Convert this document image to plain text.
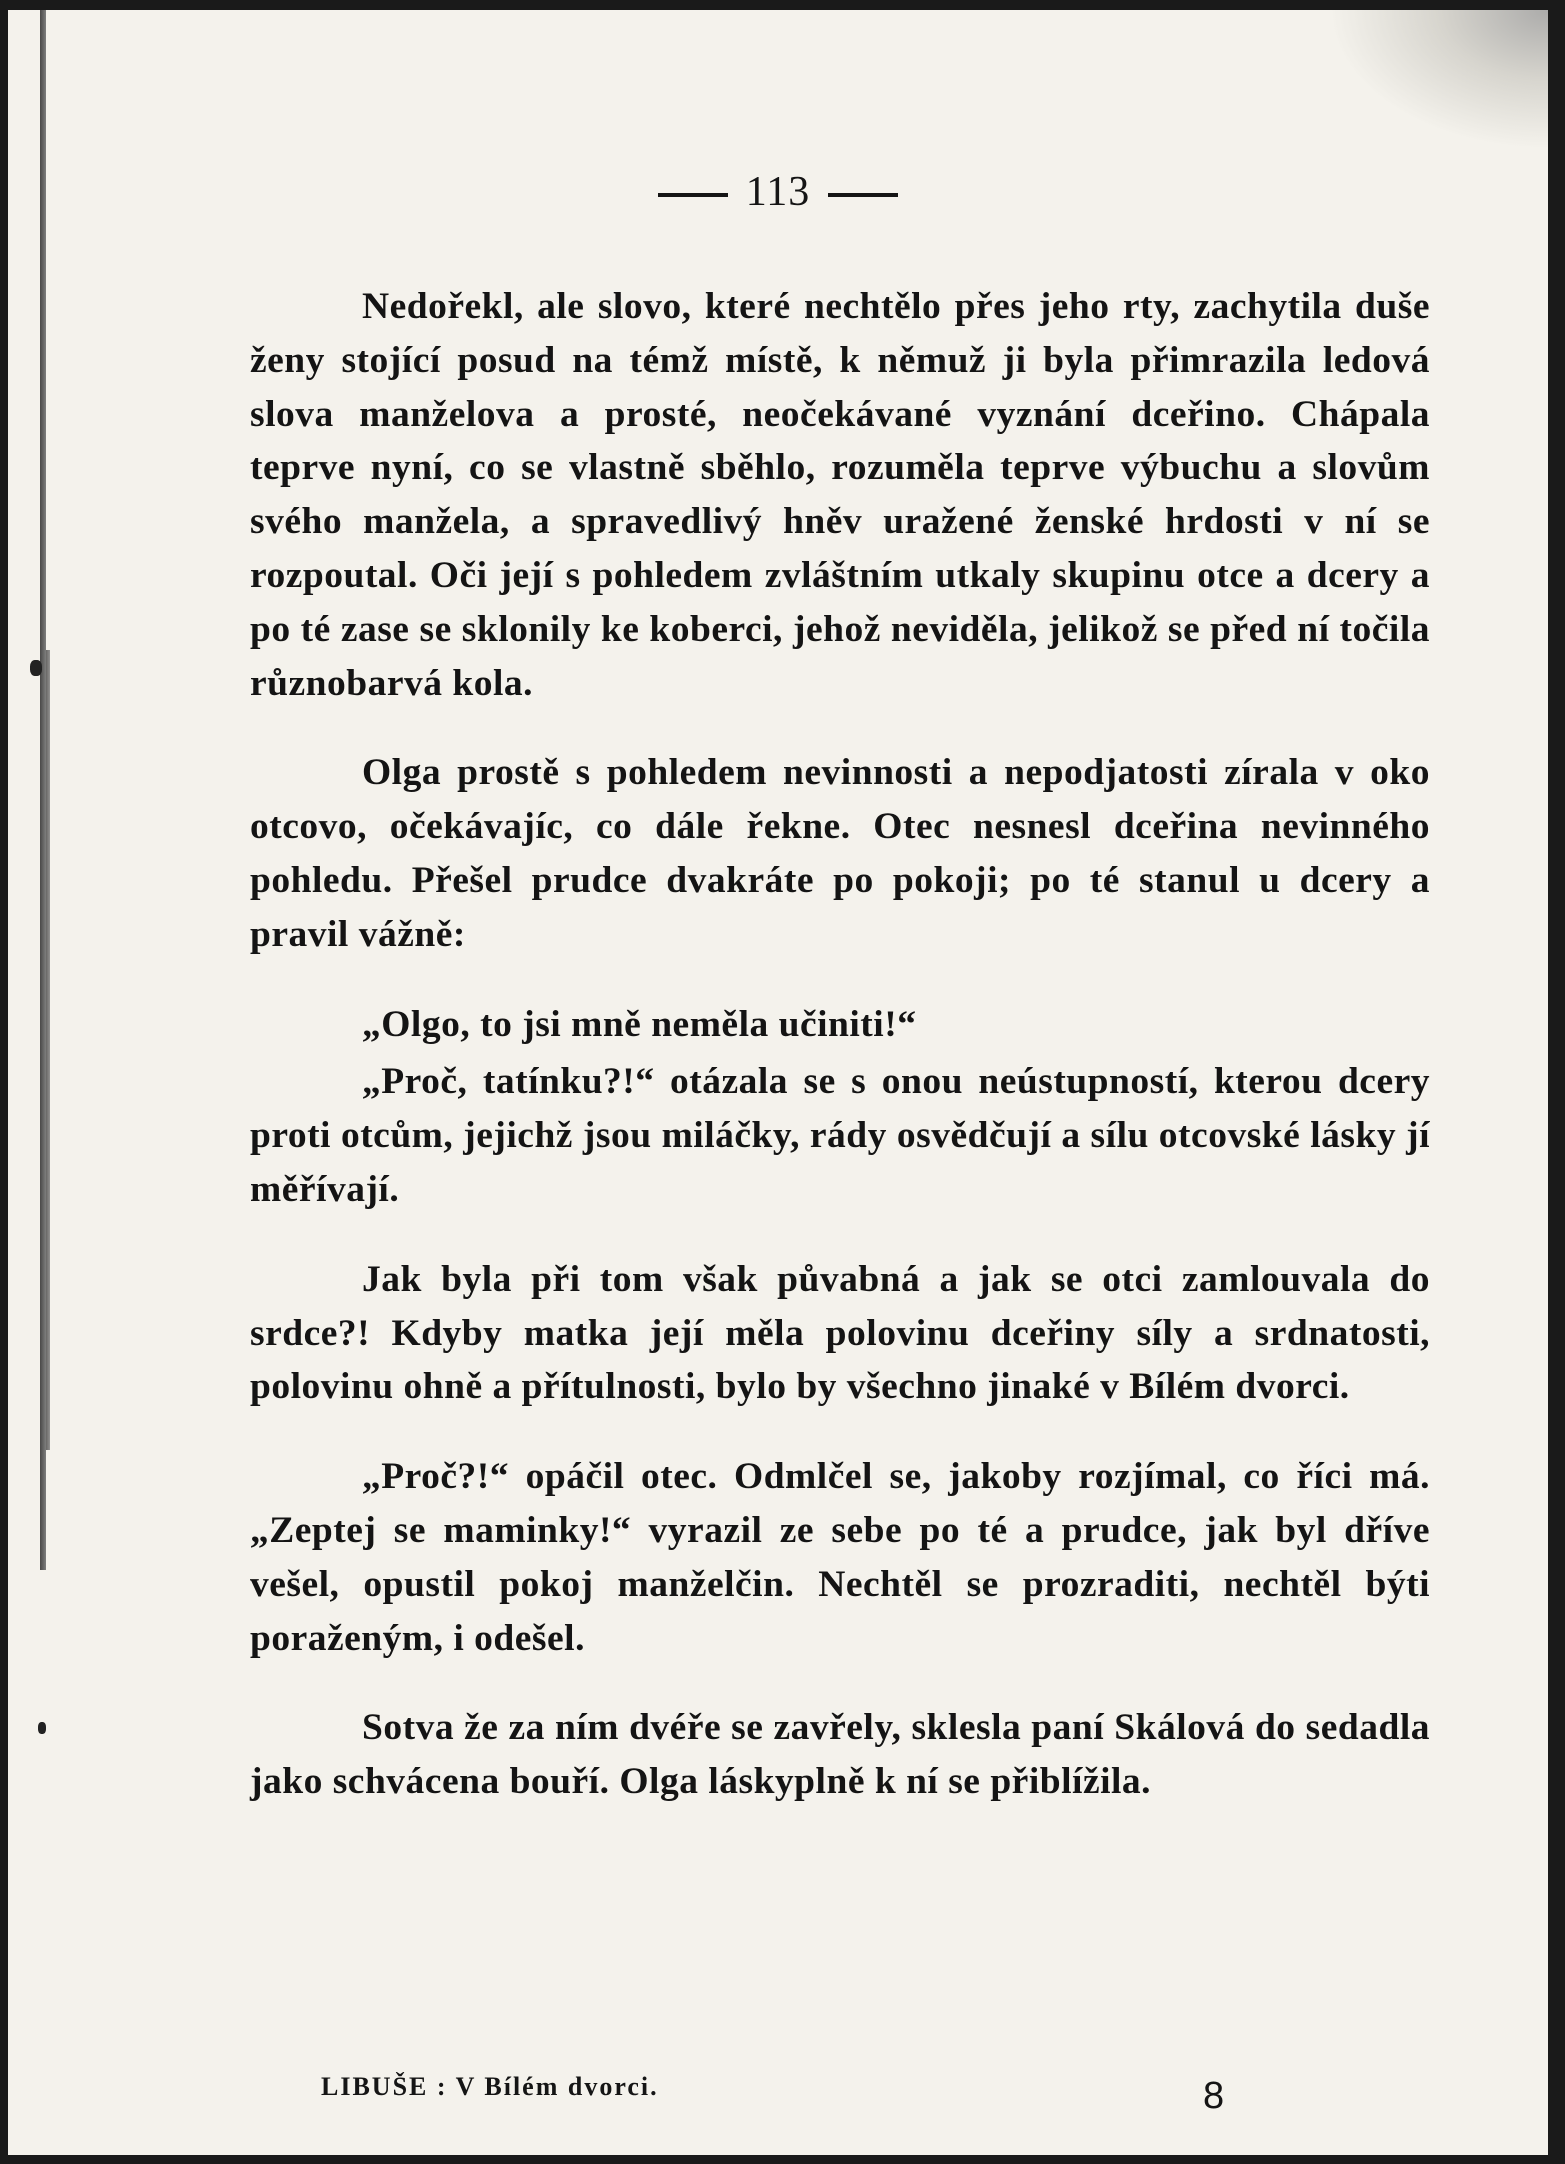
113

Nedořekl, ale slovo, které nechtělo přes jeho rty, zachytila duše ženy stojící posud na témž místě, k němuž ji byla přimrazila ledová slova manželova a prosté, neočekávané vyznání dceřino. Chápala teprve nyní, co se vlastně sběhlo, rozuměla teprve výbuchu a slovům svého manžela, a spravedlivý hněv uražené ženské hrdosti v ní se rozpoutal. Oči její s pohledem zvláštním utkaly skupinu otce a dcery a po té zase se sklonily ke koberci, jehož neviděla, jelikož se před ní točila různobarvá kola.

Olga prostě s pohledem nevinnosti a nepodjatosti zírala v oko otcovo, očekávajíc, co dále řekne. Otec nesnesl dceřina nevinného pohledu. Přešel prudce dvakráte po pokoji; po té stanul u dcery a pravil vážně:

„Olgo, to jsi mně neměla učiniti!“

„Proč, tatínku?!“ otázala se s onou neústupností, kterou dcery proti otcům, jejichž jsou miláčky, rády osvědčují a sílu otcovské lásky jí měřívají.

Jak byla při tom však půvabná a jak se otci zamlouvala do srdce?! Kdyby matka její měla polovinu dceřiny síly a srdnatosti, polovinu ohně a přítulnosti, bylo by všechno jinaké v Bílém dvorci.

„Proč?!“ opáčil otec. Odmlčel se, jakoby rozjímal, co říci má. „Zeptej se maminky!“ vyrazil ze sebe po té a prudce, jak byl dříve vešel, opustil pokoj manželčin. Nechtěl se prozraditi, nechtěl býti poraženým, i odešel.

Sotva že za ním dvéře se zavřely, sklesla paní Skálová do sedadla jako schvácena bouří. Olga láskyplně k ní se přiblížila.

LIBUŠE : V Bílém dvorci.	8
